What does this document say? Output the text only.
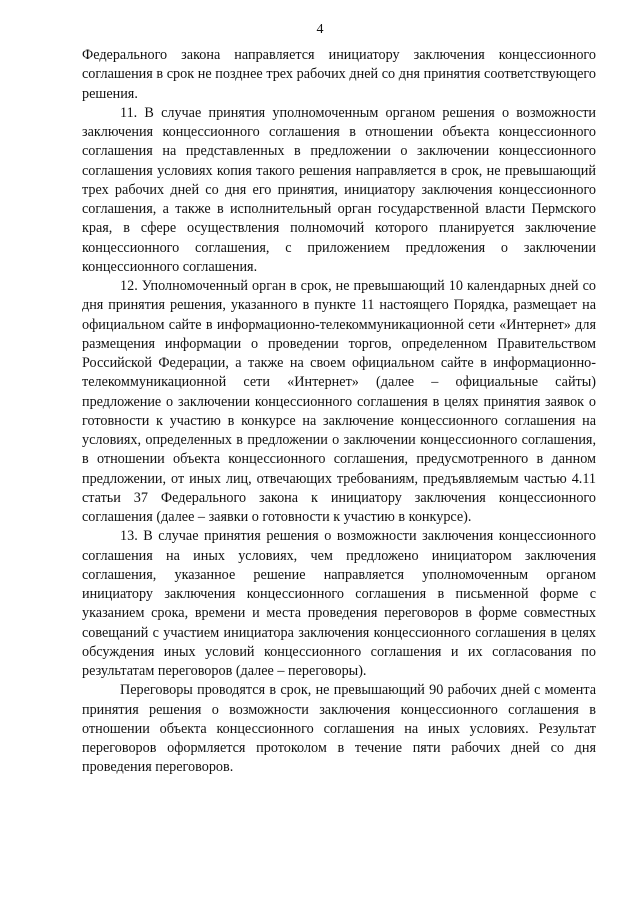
4

Федерального закона направляется инициатору заключения концессионного соглашения в срок не позднее трех рабочих дней со дня принятия соответствующего решения.

11. В случае принятия уполномоченным органом решения о возможности заключения концессионного соглашения в отношении объекта концессионного соглашения на представленных в предложении о заключении концессионного соглашения условиях копия такого решения направляется в срок, не превышающий трех рабочих дней со дня его принятия, инициатору заключения концессионного соглашения, а также в исполнительный орган государственной власти Пермского края, в сфере осуществления полномочий которого планируется заключение концессионного соглашения, с приложением предложения о заключении концессионного соглашения.

12. Уполномоченный орган в срок, не превышающий 10 календарных дней со дня принятия решения, указанного в пункте 11 настоящего Порядка, размещает на официальном сайте в информационно-телекоммуникационной сети «Интернет» для размещения информации о проведении торгов, определенном Правительством Российской Федерации, а также на своем официальном сайте в информационно-телекоммуникационной сети «Интернет» (далее – официальные сайты) предложение о заключении концессионного соглашения в целях принятия заявок о готовности к участию в конкурсе на заключение концессионного соглашения на условиях, определенных в предложении о заключении концессионного соглашения, в отношении объекта концессионного соглашения, предусмотренного в данном предложении, от иных лиц, отвечающих требованиям, предъявляемым частью 4.11 статьи 37 Федерального закона к инициатору заключения концессионного соглашения (далее – заявки о готовности к участию в конкурсе).

13. В случае принятия решения о возможности заключения концессионного соглашения на иных условиях, чем предложено инициатором заключения соглашения, указанное решение направляется уполномоченным органом инициатору заключения концессионного соглашения в письменной форме с указанием срока, времени и места проведения переговоров в форме совместных совещаний с участием инициатора заключения концессионного соглашения в целях обсуждения иных условий концессионного соглашения и их согласования по результатам переговоров (далее – переговоры).

Переговоры проводятся в срок, не превышающий 90 рабочих дней с момента принятия решения о возможности заключения концессионного соглашения в отношении объекта концессионного соглашения на иных условиях. Результат переговоров оформляется протоколом в течение пяти рабочих дней со дня проведения переговоров.
